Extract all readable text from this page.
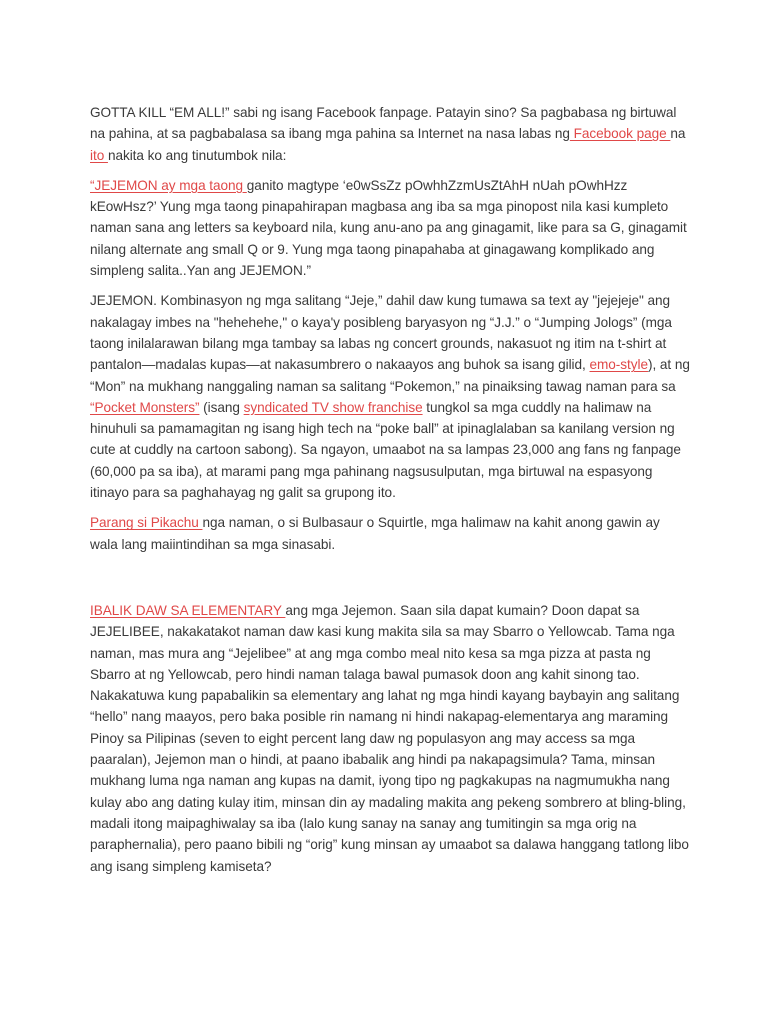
GOTTA KILL “EM ALL!” sabi ng isang Facebook fanpage. Patayin sino? Sa pagbabasa ng birtuwal na pahina, at sa pagbabalasa sa ibang mga pahina sa Internet na nasa labas ng Facebook page na ito nakita ko ang tinutumbok nila:

“JEJEMON ay mga taong ganito magtype ‘e0wSsZz pOwhhZzmUsZtAhH nUah pOwhHzz kEowHsz?’ Yung mga taong pinapahirapan magbasa ang iba sa mga pinopost nila kasi kumpleto naman sana ang letters sa keyboard nila, kung anu-ano pa ang ginagamit, like para sa G, ginagamit nilang alternate ang small Q or 9. Yung mga taong pinapahaba at ginagawang komplikado ang simpleng salita..Yan ang JEJEMON.”

JEJEMON. Kombinasyon ng mga salitang “Jeje,” dahil daw kung tumawa sa text ay "jejejeje" ang nakalagay imbes na "hehehehe," o kaya'y posibleng baryasyon ng “J.J.” o “Jumping Jologs” (mga taong inilalarawan bilang mga tambay sa labas ng concert grounds, nakasuot ng itim na t-shirt at pantalon—madalas kupas—at nakasumbrero o nakaayos ang buhok sa isang gilid, emo-style), at ng “Mon” na mukhang nanggaling naman sa salitang “Pokemon,” na pinaiksing tawag naman para sa “Pocket Monsters” (isang syndicated TV show franchise tungkol sa mga cuddly na halimaw na hinuhuli sa pamamagitan ng isang high tech na “poke ball” at ipinaglalaban sa kanilang version ng cute at cuddly na cartoon sabong). Sa ngayon, umaabot na sa lampas 23,000 ang fans ng fanpage (60,000 pa sa iba), at marami pang mga pahinang nagsusulputan, mga birtuwal na espasyong itinayo para sa paghahayag ng galit sa grupong ito.

Parang si Pikachu nga naman, o si Bulbasaur o Squirtle, mga halimaw na kahit anong gawin ay wala lang maiintindihan sa mga sinasabi.

IBALIK DAW SA ELEMENTARY ang mga Jejemon. Saan sila dapat kumain? Doon dapat sa JEJELIBEE, nakakatakot naman daw kasi kung makita sila sa may Sbarro o Yellowcab. Tama nga naman, mas mura ang “Jejelibee” at ang mga combo meal nito kesa sa mga pizza at pasta ng Sbarro at ng Yellowcab, pero hindi naman talaga bawal pumasok doon ang kahit sinong tao. Nakakatuwa kung papabalikin sa elementary ang lahat ng mga hindi kayang baybayin ang salitang “hello” nang maayos, pero baka posible rin namang ni hindi nakapag-elementarya ang maraming Pinoy sa Pilipinas (seven to eight percent lang daw ng populasyon ang may access sa mga paaralan), Jejemon man o hindi, at paano ibabalik ang hindi pa nakapagsimula? Tama, minsan mukhang luma nga naman ang kupas na damit, iyong tipo ng pagkakupas na nagmumukha nang kulay abo ang dating kulay itim, minsan din ay madaling makita ang pekeng sombrero at bling-bling, madali itong maipaghiwalay sa iba (lalo kung sanay na sanay ang tumitingin sa mga orig na paraphernalia), pero paano bibili ng “orig” kung minsan ay umaabot sa dalawa hanggang tatlong libo ang isang simpleng kamiseta?
